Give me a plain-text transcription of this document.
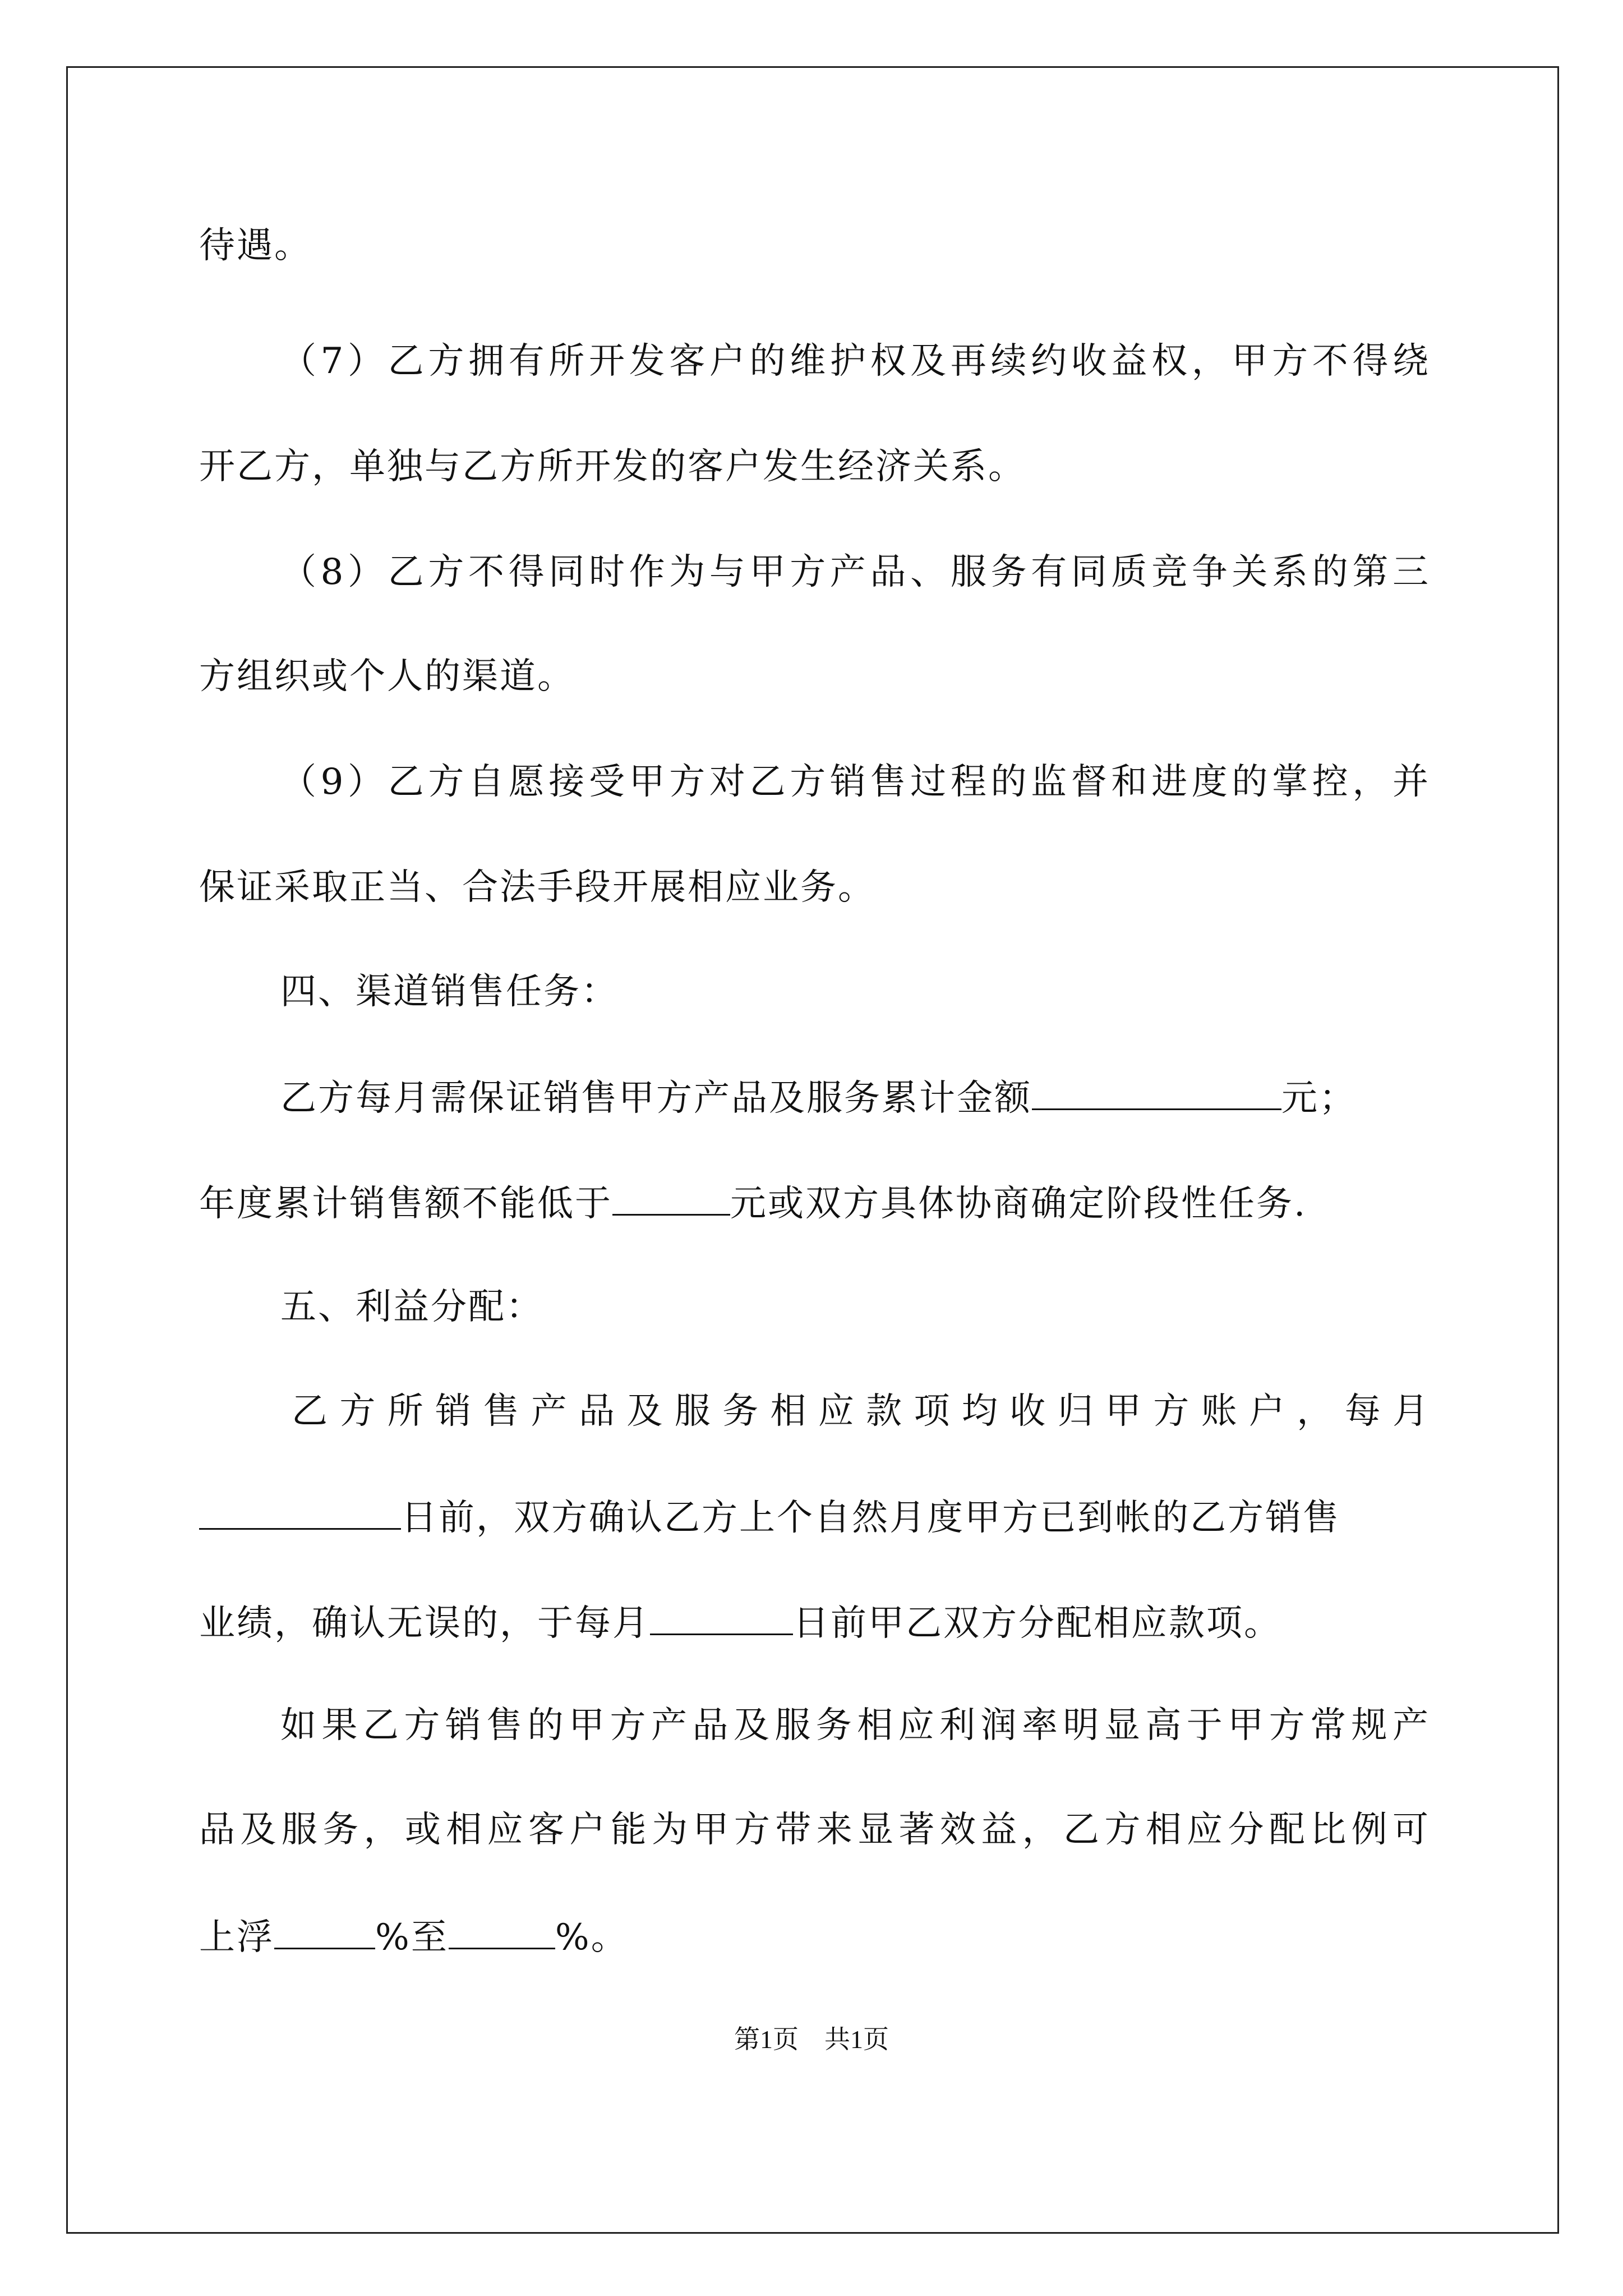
待遇。
（7）乙方拥有所开发客户的维护权及再续约收益权，甲方不得绕
开乙方，单独与乙方所开发的客户发生经济关系。
（8）乙方不得同时作为与甲方产品、服务有同质竞争关系的第三
方组织或个人的渠道。
（9）乙方自愿接受甲方对乙方销售过程的监督和进度的掌控，并
保证采取正当、合法手段开展相应业务。
四、渠道销售任务：
乙方每月需保证销售甲方产品及服务累计金额	元；
年度累计销售额不能低于	元或双方具体协商确定阶段性任务.
五、利益分配：
乙方所销售产品及服务相应款项均收归甲方账户，每月
日前，双方确认乙方上个自然月度甲方已到帐的乙方销售
业绩，确认无误的，于每月	日前甲乙双方分配相应款项。
如果乙方销售的甲方产品及服务相应利润率明显高于甲方常规产
品及服务，或相应客户能为甲方带来显著效益，乙方相应分配比例可
上浮	%至	%。
第1页　共1页
